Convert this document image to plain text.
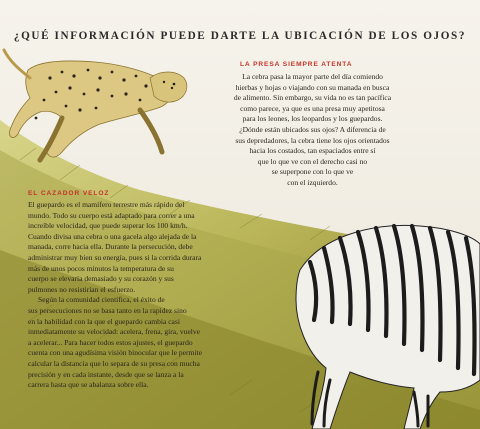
¿QUÉ INFORMACIÓN PUEDE DARTE LA UBICACIÓN DE LOS OJOS?
LA PRESA SIEMPRE ATENTA
La cebra pasa la mayor parte del día comiendo
hierbas y hojas o viajando con su manada en busca
de alimento. Sin embargo, su vida no es tan pacífica
como parece, ya que es una presa muy apetitosa
para los leones, los leopardos y los guepardos.
¿Dónde están ubicados sus ojos? A diferencia de
sus depredadores, la cebra tiene los ojos orientados
hacia los costados, tan espaciados entre sí
que lo que ve con el derecho casi no
se superpone con lo que ve
con el izquierdo.
EL CAZADOR VELOZ
El guepardo es el mamífero terrestre más rápido del
mundo. Todo su cuerpo está adaptado para correr a una
increíble velocidad, que puede superar los 100 km/h.
Cuando divisa una cebra o una gacela algo alejada de la
manada, corre hacia ella. Durante la persecución, debe
administrar muy bien su energía, pues si la corrida durara
más de unos pocos minutos la temperatura de su
cuerpo se elevaría demasiado y su corazón y sus
pulmones no resistirían el esfuerzo.
Según la comunidad científica, el éxito de
sus persecuciones no se basa tanto en la rapidez sino
en la habilidad con la que el guepardo cambia casi
inmediatamente su velocidad: acelera, frena, gira, vuelve
a acelerar... Para hacer todos estos ajustes, el guepardo
cuenta con una agudísima visión binocular que le permite
calcular la distancia que lo separa de su presa con mucha
precisión y en cada instante, desde que se lanza a la
carrera hasta que se abalanza sobre ella.
